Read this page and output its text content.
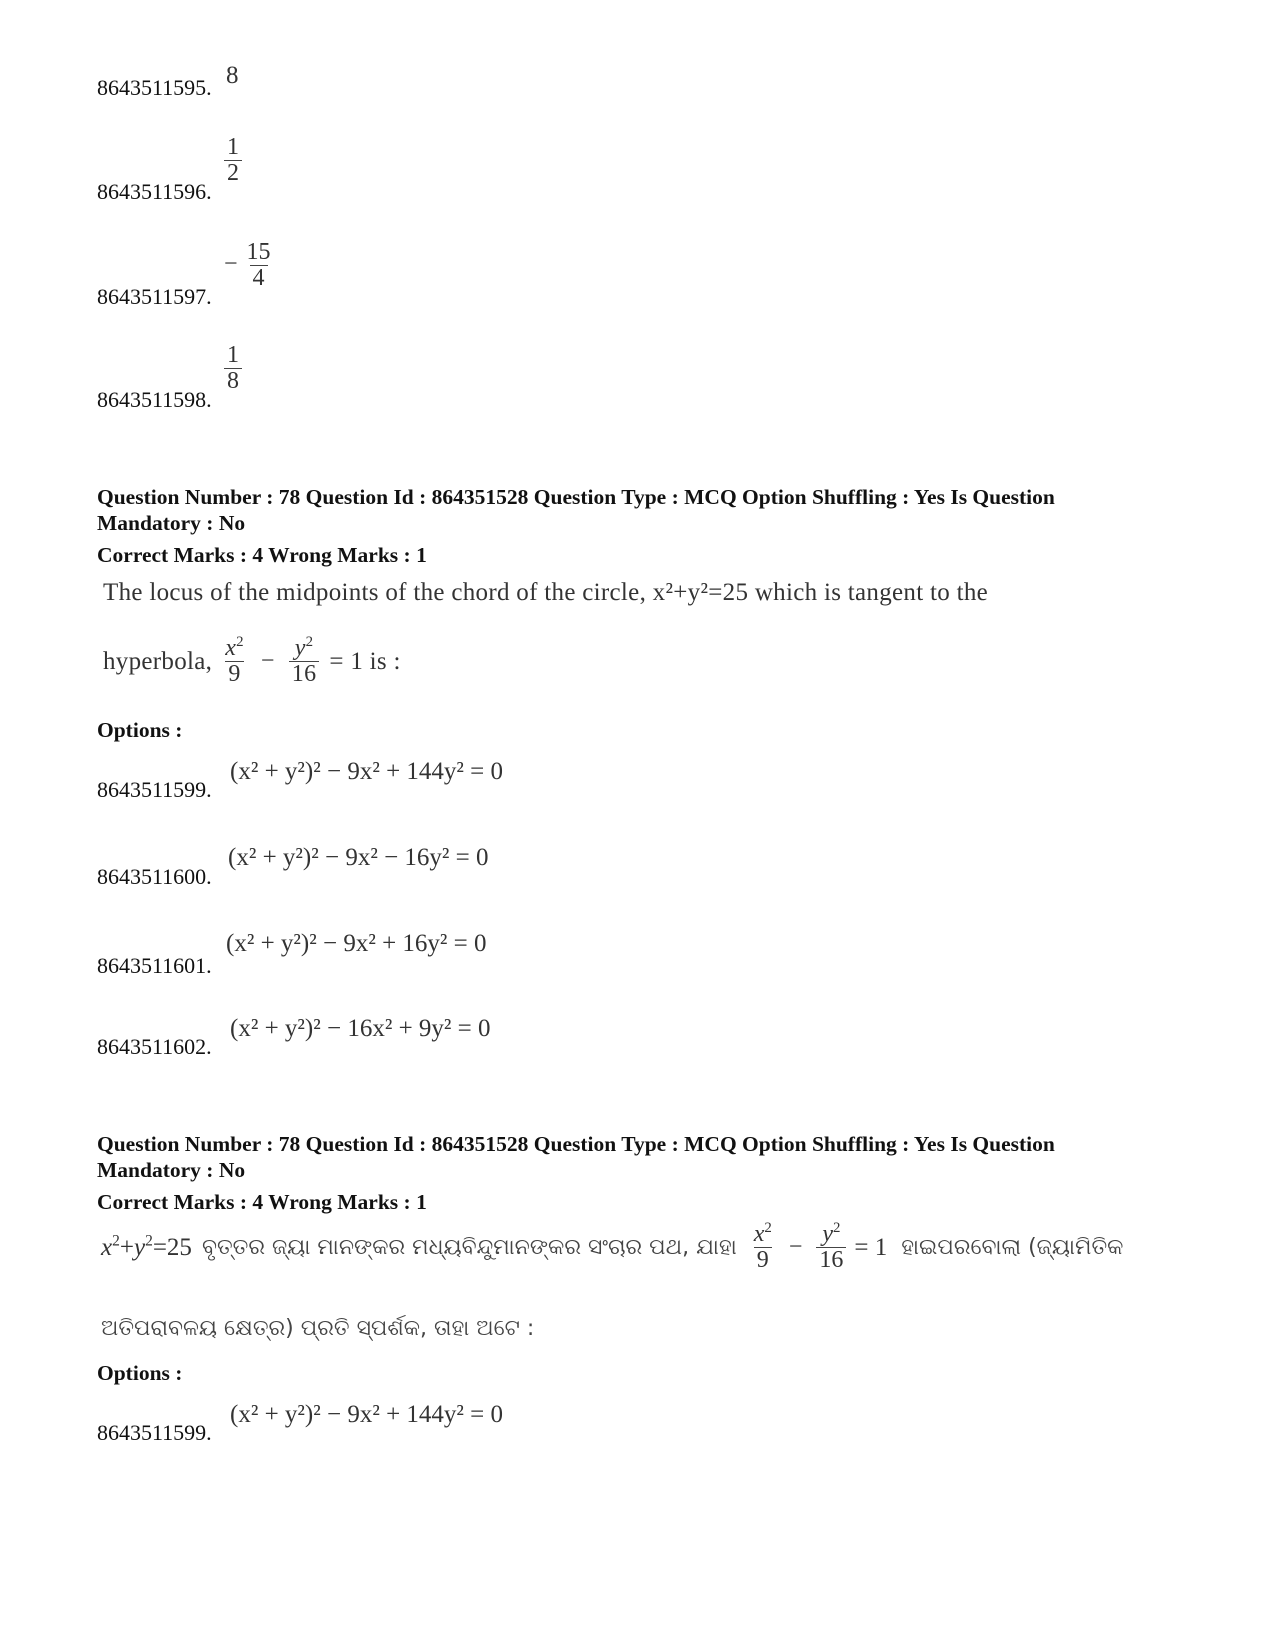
8643511595. 8
8643511596.
$\frac{1}{2}$
8643511597.
− $\frac{15}{4}$
8643511598.
$\frac{1}{8}$
Question Number : 78 Question Id : 864351528 Question Type : MCQ Option Shuffling : Yes Is Question
Mandatory : No
Correct Marks : 4 Wrong Marks : 1
The locus of the midpoints of the chord of the circle, x²+y²=25 which is tangent to the
hyperbola, $\frac{x^2}{9} - \frac{y^2}{16} = 1$ is :
Options :
8643511599.
(x² + y²)² − 9x² + 144y² = 0
8643511600.
(x² + y²)² − 9x² − 16y² = 0
8643511601.
(x² + y²)² − 9x² + 16y² = 0
8643511602.
(x² + y²)² − 16x² + 9y² = 0
Question Number : 78 Question Id : 864351528 Question Type : MCQ Option Shuffling : Yes Is Question
Mandatory : No
Correct Marks : 4 Wrong Marks : 1
$x^2+y^2=25$ ବୃତ୍ତର ଜ୍ୟା ମାନଙ୍କର ମଧ୍ୟବିନ୍ଦୁମାନଙ୍କର ସଂଚାର ପଥ, ଯାହା $\frac{x^2}{9} - \frac{y^2}{16} = 1$ ହାଇପରବୋଲା (ଜ୍ୟାମିତିକ
ଅତିପରାବଳୟ କ୍ଷେତ୍ର) ପ୍ରତି ସ୍ପର୍ଶକ, ତାହା ଅଟେ :
Options :
8643511599.
(x² + y²)² − 9x² + 144y² = 0
